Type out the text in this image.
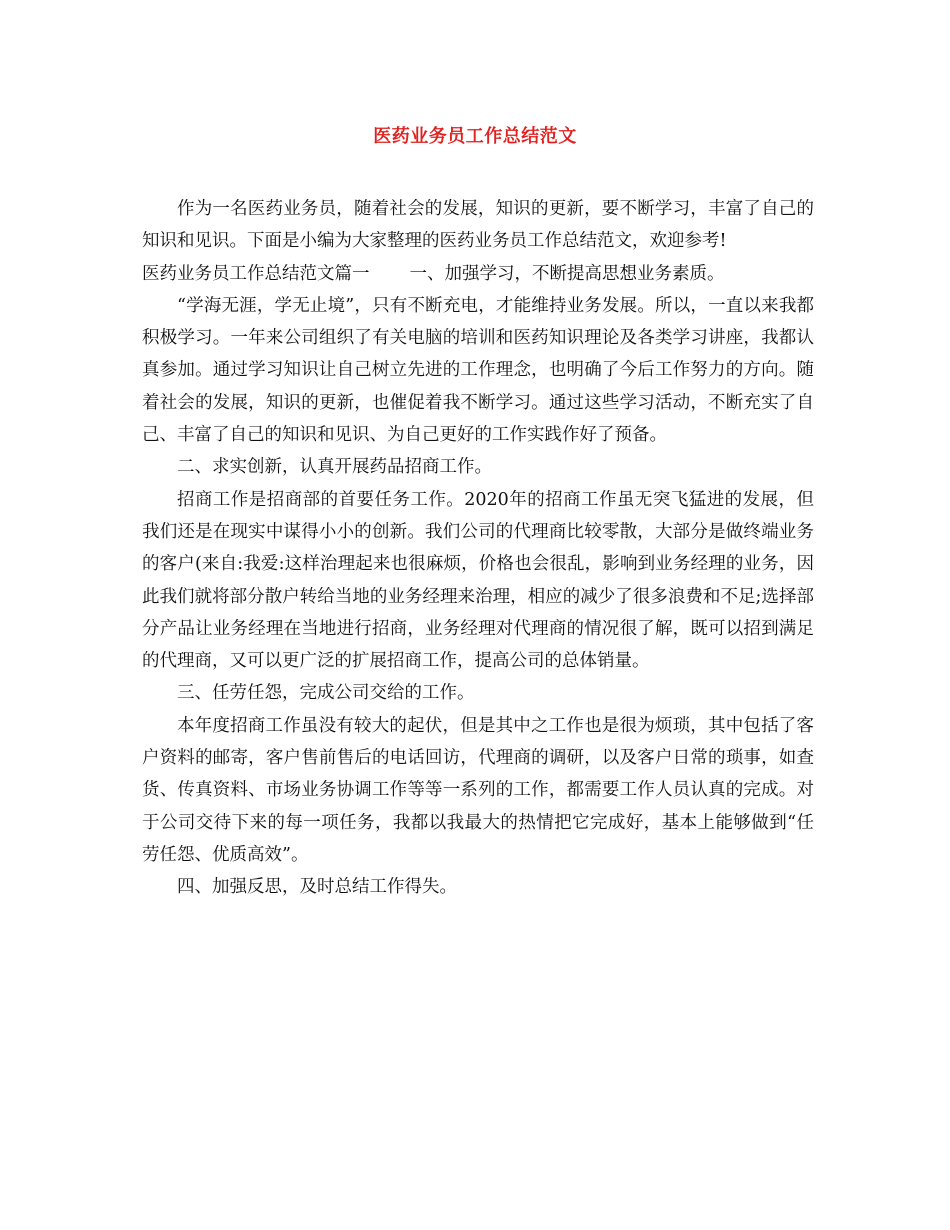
医药业务员工作总结范文

作为一名医药业务员，随着社会的发展，知识的更新，要不断学习，丰富了自己的知识和见识。下面是小编为大家整理的医药业务员工作总结范文，欢迎参考!

医药业务员工作总结范文篇一 一、加强学习，不断提高思想业务素质。

“学海无涯，学无止境”，只有不断充电，才能维持业务发展。所以，一直以来我都积极学习。一年来公司组织了有关电脑的培训和医药知识理论及各类学习讲座，我都认真参加。通过学习知识让自己树立先进的工作理念，也明确了今后工作努力的方向。随着社会的发展，知识的更新，也催促着我不断学习。通过这些学习活动，不断充实了自己、丰富了自己的知识和见识、为自己更好的工作实践作好了预备。

二、求实创新，认真开展药品招商工作。

招商工作是招商部的首要任务工作。2020年的招商工作虽无突飞猛进的发展，但我们还是在现实中谋得小小的创新。我们公司的代理商比较零散，大部分是做终端业务的客户(来自:我爱:这样治理起来也很麻烦，价格也会很乱，影响到业务经理的业务，因此我们就将部分散户转给当地的业务经理来治理，相应的减少了很多浪费和不足;选择部分产品让业务经理在当地进行招商，业务经理对代理商的情况很了解，既可以招到满足的代理商，又可以更广泛的扩展招商工作，提高公司的总体销量。

三、任劳任怨，完成公司交给的工作。

本年度招商工作虽没有较大的起伏，但是其中之工作也是很为烦琐，其中包括了客户资料的邮寄，客户售前售后的电话回访，代理商的调研，以及客户日常的琐事，如查货、传真资料、市场业务协调工作等等一系列的工作，都需要工作人员认真的完成。对于公司交待下来的每一项任务，我都以我最大的热情把它完成好，基本上能够做到“任劳任怨、优质高效”。

四、加强反思，及时总结工作得失。
